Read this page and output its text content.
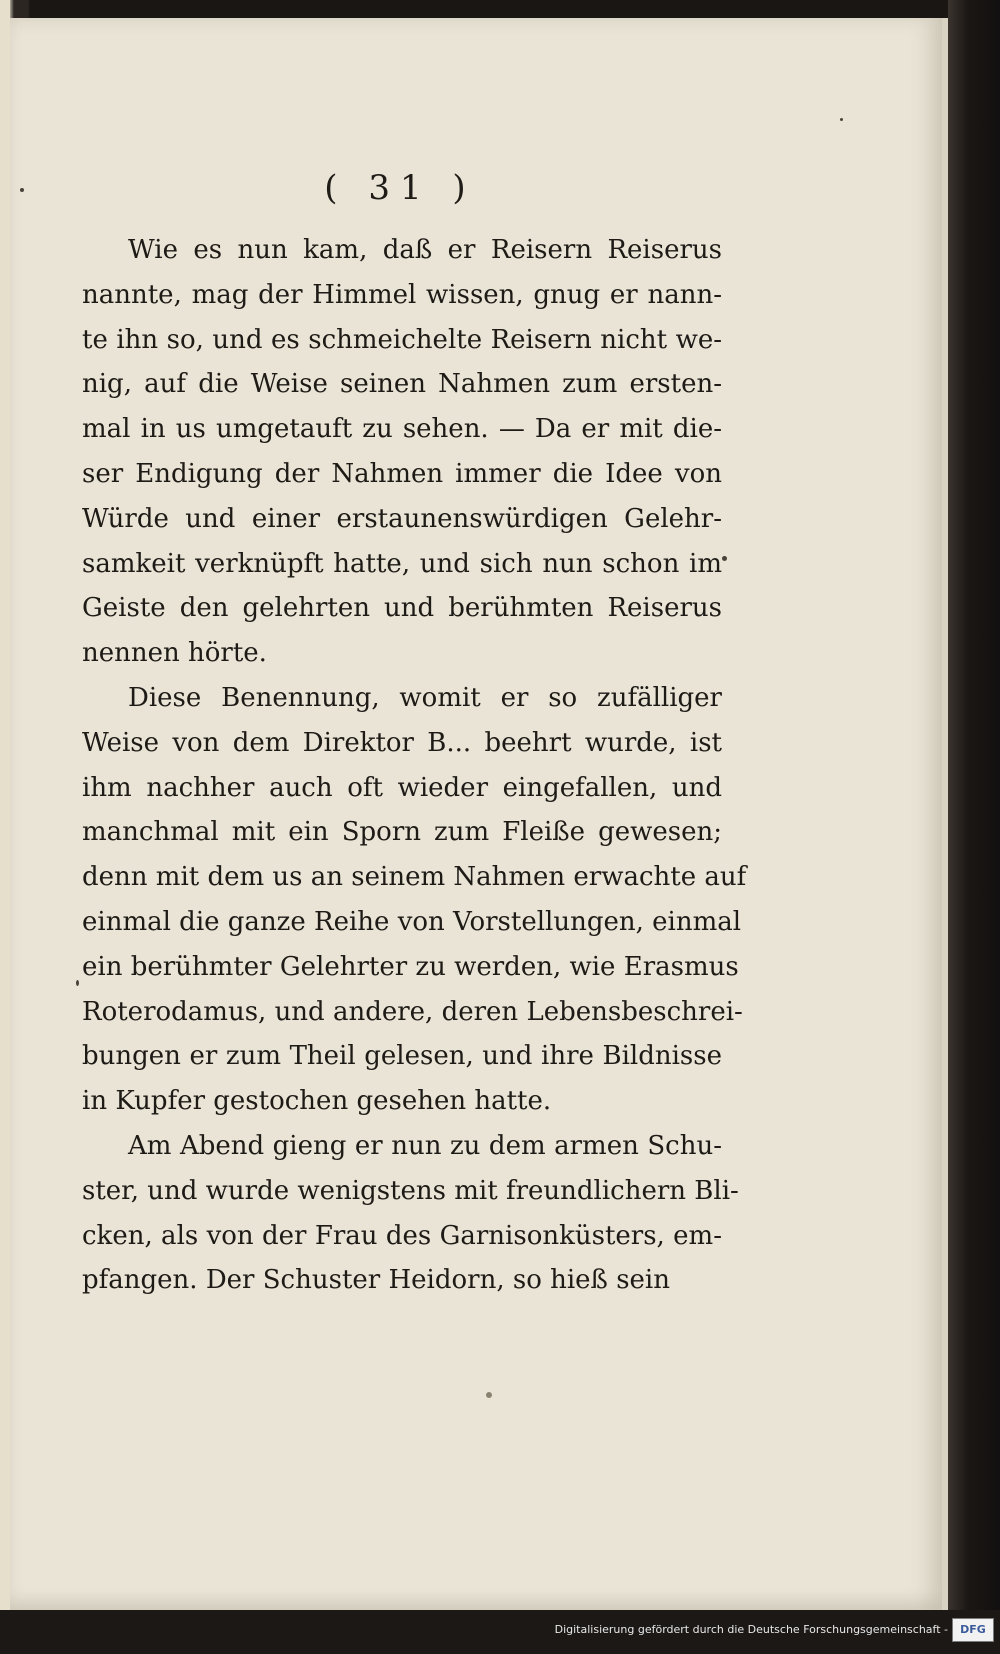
( 31 )
Wie es nun kam, daß er Reisern Reiserus
nannte, mag der Himmel wissen, gnug er nann-
te ihn so, und es schmeichelte Reisern nicht we-
nig, auf die Weise seinen Nahmen zum ersten-
mal in us umgetauft zu sehen. — Da er mit die-
ser Endigung der Nahmen immer die Idee von
Würde und einer erstaunenswürdigen Gelehr-
samkeit verknüpft hatte, und sich nun schon im
Geiste den gelehrten und berühmten Reiserus
nennen hörte.
Diese Benennung, womit er so zufälliger
Weise von dem Direktor B... beehrt wurde, ist
ihm nachher auch oft wieder eingefallen, und
manchmal mit ein Sporn zum Fleiße gewesen;
denn mit dem us an seinem Nahmen erwachte auf
einmal die ganze Reihe von Vorstellungen, einmal
ein berühmter Gelehrter zu werden, wie Erasmus
Roterodamus, und andere, deren Lebensbeschrei-
bungen er zum Theil gelesen, und ihre Bildnisse
in Kupfer gestochen gesehen hatte.
Am Abend gieng er nun zu dem armen Schu-
ster, und wurde wenigstens mit freundlichern Bli-
cken, als von der Frau des Garnisonküsters, em-
pfangen. Der Schuster Heidorn, so hieß sein
Digitalisierung gefördert durch die Deutsche Forschungsgemeinschaft -	DFG
